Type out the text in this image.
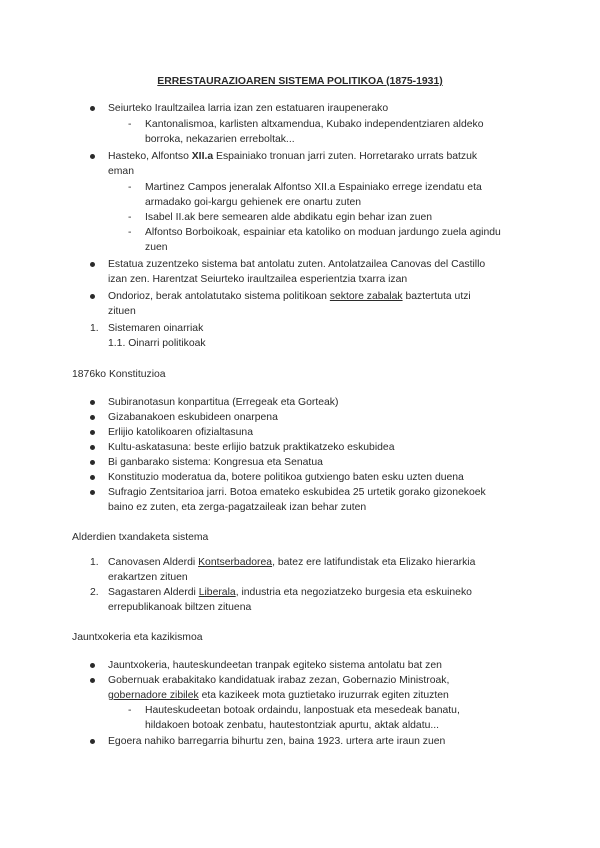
ERRESTAURAZIOAREN SISTEMA POLITIKOA (1875-1931)

Seiurteko Iraultzailea larria izan zen estatuaren iraupenerako

- Kantonalismoa, karlisten altxamendua, Kubako independentziaren aldeko

borroka, nekazarien erreboltak...

Hasteko, Alfontso XII.a Espainiako tronuan jarri zuten. Horretarako urrats batzuk

eman

- Martinez Campos jeneralak Alfontso XII.a Espainiako errege izendatu eta

armadako goi-kargu gehienek ere onartu zuten

- Isabel II.ak bere semearen alde abdikatu egin behar izan zuen

- Alfontso Borboikoak, espainiar eta katoliko on moduan jardungo zuela agindu

zuen

Estatua zuzentzeko sistema bat antolatu zuten. Antolatzailea Canovas del Castillo

izan zen. Harentzat Seiurteko iraultzailea esperientzia txarra izan

Ondorioz, berak antolatutako sistema politikoan sektore zabalak baztertuta utzi

zituen

1. Sistemaren oinarriak

1.1. Oinarri politikoak

1876ko Konstituzioa

Subiranotasun konpartitua (Erregeak eta Gorteak)

Gizabanakoen eskubideen onarpena

Erlijio katolikoaren ofizialtasuna

Kultu-askatasuna: beste erlijio batzuk praktikatzeko eskubidea

Bi ganbarako sistema: Kongresua eta Senatua

Konstituzio moderatua da, botere politikoa gutxiengo baten esku uzten duena

Sufragio Zentsitarioa jarri. Botoa emateko eskubidea 25 urtetik gorako gizonekoek

baino ez zuten, eta zerga-pagatzaileak izan behar zuten

Alderdien txandaketa sistema

1. Canovasen Alderdi Kontserbadorea, batez ere latifundistak eta Elizako hierarkia

erakartzen zituen

2. Sagastaren Alderdi Liberala, industria eta negoziatzeko burgesia eta eskuineko

errepublikanoak biltzen zituena

Jauntxokeria eta kazikismoa

Jauntxokeria, hauteskundeetan tranpak egiteko sistema antolatu bat zen

Gobernuak erabakitako kandidatuak irabaz zezan, Gobernazio Ministroak,

gobernadore zibilek eta kazikeek mota guztietako iruzurrak egiten zituzten

- Hauteskudeetan botoak ordaindu, lanpostuak eta mesedeak banatu,

hildakoen botoak zenbatu, hautestontziak apurtu, aktak aldatu...

Egoera nahiko barregarria bihurtu zen, baina 1923. urtera arte iraun zuen
